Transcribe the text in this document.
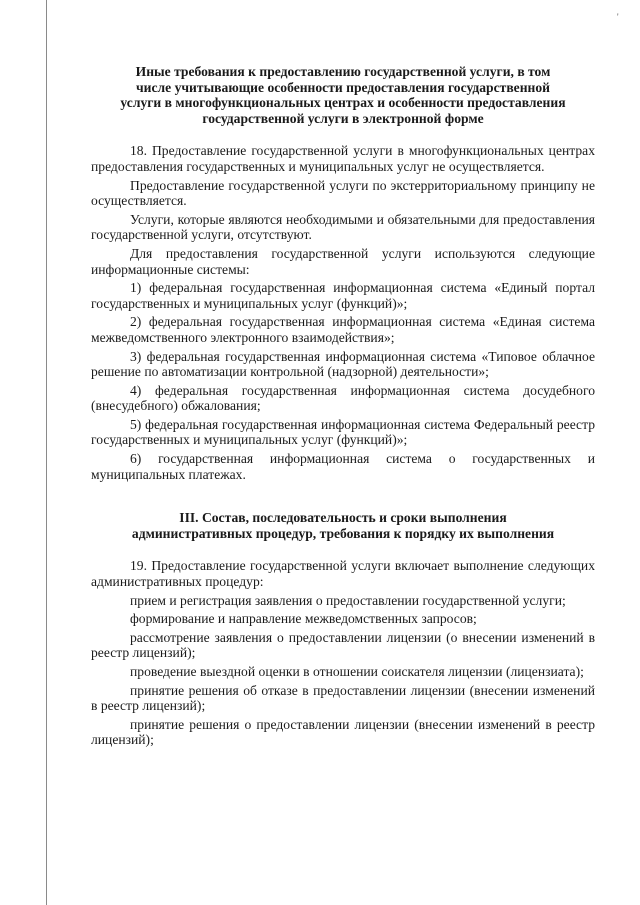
'
Иные требования к предоставлению государственной услуги, в том
числе учитывающие особенности предоставления государственной
услуги в многофункциональных центрах и особенности предоставления
государственной услуги в электронной форме

18. Предоставление государственной услуги в многофункциональных центрах предоставления государственных и муниципальных услуг не осуществляется.

Предоставление государственной услуги по экстерриториальному принципу не осуществляется.

Услуги, которые являются необходимыми и обязательными для предоставления государственной услуги, отсутствуют.

Для предоставления государственной услуги используются следующие информационные системы:

1) федеральная государственная информационная система «Единый портал государственных и муниципальных услуг (функций)»;

2) федеральная государственная информационная система «Единая система межведомственного электронного взаимодействия»;

3) федеральная государственная информационная система «Типовое облачное решение по автоматизации контрольной (надзорной) деятельности»;

4) федеральная государственная информационная система досудебного (внесудебного) обжалования;

5) федеральная государственная информационная система Федеральный реестр государственных и муниципальных услуг (функций)»;

6) государственная информационная система о государственных и муниципальных платежах.

III. Состав, последовательность и сроки выполнения
административных процедур, требования к порядку их выполнения

19. Предоставление государственной услуги включает выполнение следующих административных процедур:

прием и регистрация заявления о предоставлении государственной услуги;

формирование и направление межведомственных запросов;

рассмотрение заявления о предоставлении лицензии (о внесении изменений в реестр лицензий);

проведение выездной оценки в отношении соискателя лицензии (лицензиата);

принятие решения об отказе в предоставлении лицензии (внесении изменений в реестр лицензий);

принятие решения о предоставлении лицензии (внесении изменений в реестр лицензий);
